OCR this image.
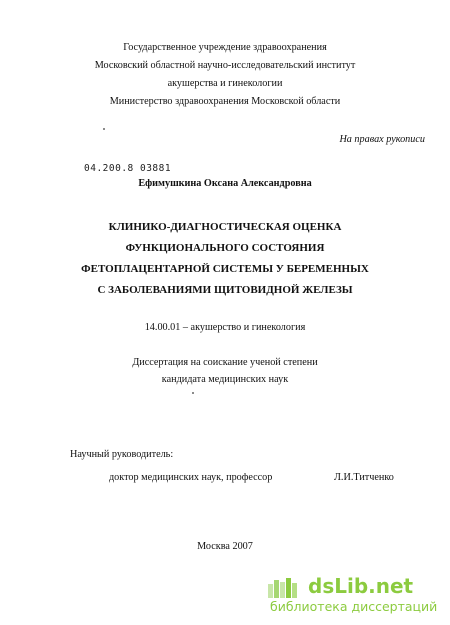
Государственное учреждение здравоохранения
Московский областной научно-исследовательский институт
акушерства и гинекологии
Министерство здравоохранения Московской области
На правах рукописи
04.200.8 03881
Ефимушкина Оксана Александровна
КЛИНИКО-ДИАГНОСТИЧЕСКАЯ ОЦЕНКА
ФУНКЦИОНАЛЬНОГО СОСТОЯНИЯ
ФЕТОПЛАЦЕНТАРНОЙ СИСТЕМЫ У БЕРЕМЕННЫХ
С ЗАБОЛЕВАНИЯМИ ЩИТОВИДНОЙ ЖЕЛЕЗЫ
14.00.01 – акушерство и гинекология
Диссертация на соискание ученой степени
кандидата медицинских наук
Научный руководитель:
доктор медицинских наук, профессор	Л.И.Титченко
Москва 2007
dsLib.net
библиотека диссертаций
